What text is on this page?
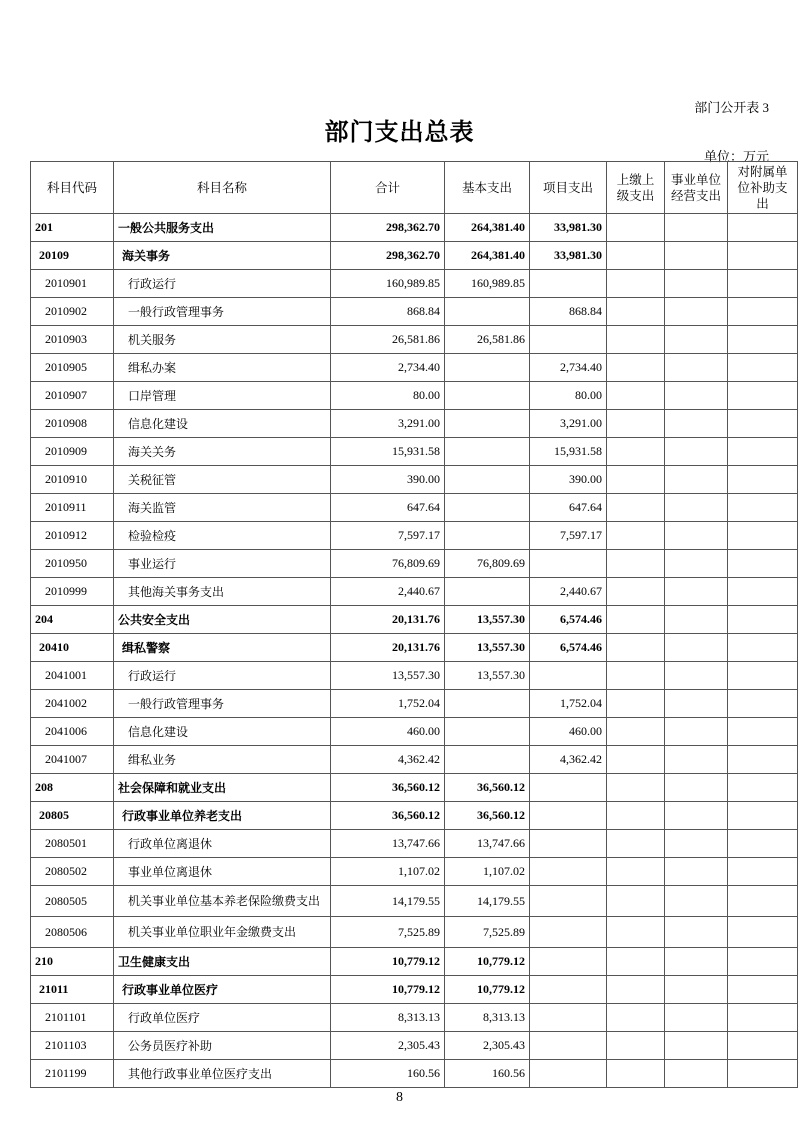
部门公开表 3
部门支出总表
单位：万元
科目代码	科目名称	合计	基本支出	项目支出	上缴上级支出	事业单位经营支出	对附属单位补助支出
201	一般公共服务支出	298,362.70	264,381.40	33,981.30			
20109	海关事务	298,362.70	264,381.40	33,981.30			
2010901	行政运行	160,989.85	160,989.85				
2010902	一般行政管理事务	868.84		868.84			
2010903	机关服务	26,581.86	26,581.86				
2010905	缉私办案	2,734.40		2,734.40			
2010907	口岸管理	80.00		80.00			
2010908	信息化建设	3,291.00		3,291.00			
2010909	海关关务	15,931.58		15,931.58			
2010910	关税征管	390.00		390.00			
2010911	海关监管	647.64		647.64			
2010912	检验检疫	7,597.17		7,597.17			
2010950	事业运行	76,809.69	76,809.69				
2010999	其他海关事务支出	2,440.67		2,440.67			
204	公共安全支出	20,131.76	13,557.30	6,574.46			
20410	缉私警察	20,131.76	13,557.30	6,574.46			
2041001	行政运行	13,557.30	13,557.30				
2041002	一般行政管理事务	1,752.04		1,752.04			
2041006	信息化建设	460.00		460.00			
2041007	缉私业务	4,362.42		4,362.42			
208	社会保障和就业支出	36,560.12	36,560.12				
20805	行政事业单位养老支出	36,560.12	36,560.12				
2080501	行政单位离退休	13,747.66	13,747.66				
2080502	事业单位离退休	1,107.02	1,107.02				
2080505	机关事业单位基本养老保险缴费支出	14,179.55	14,179.55				
2080506	机关事业单位职业年金缴费支出	7,525.89	7,525.89				
210	卫生健康支出	10,779.12	10,779.12				
21011	行政事业单位医疗	10,779.12	10,779.12				
2101101	行政单位医疗	8,313.13	8,313.13				
2101103	公务员医疗补助	2,305.43	2,305.43				
2101199	其他行政事业单位医疗支出	160.56	160.56				
8
